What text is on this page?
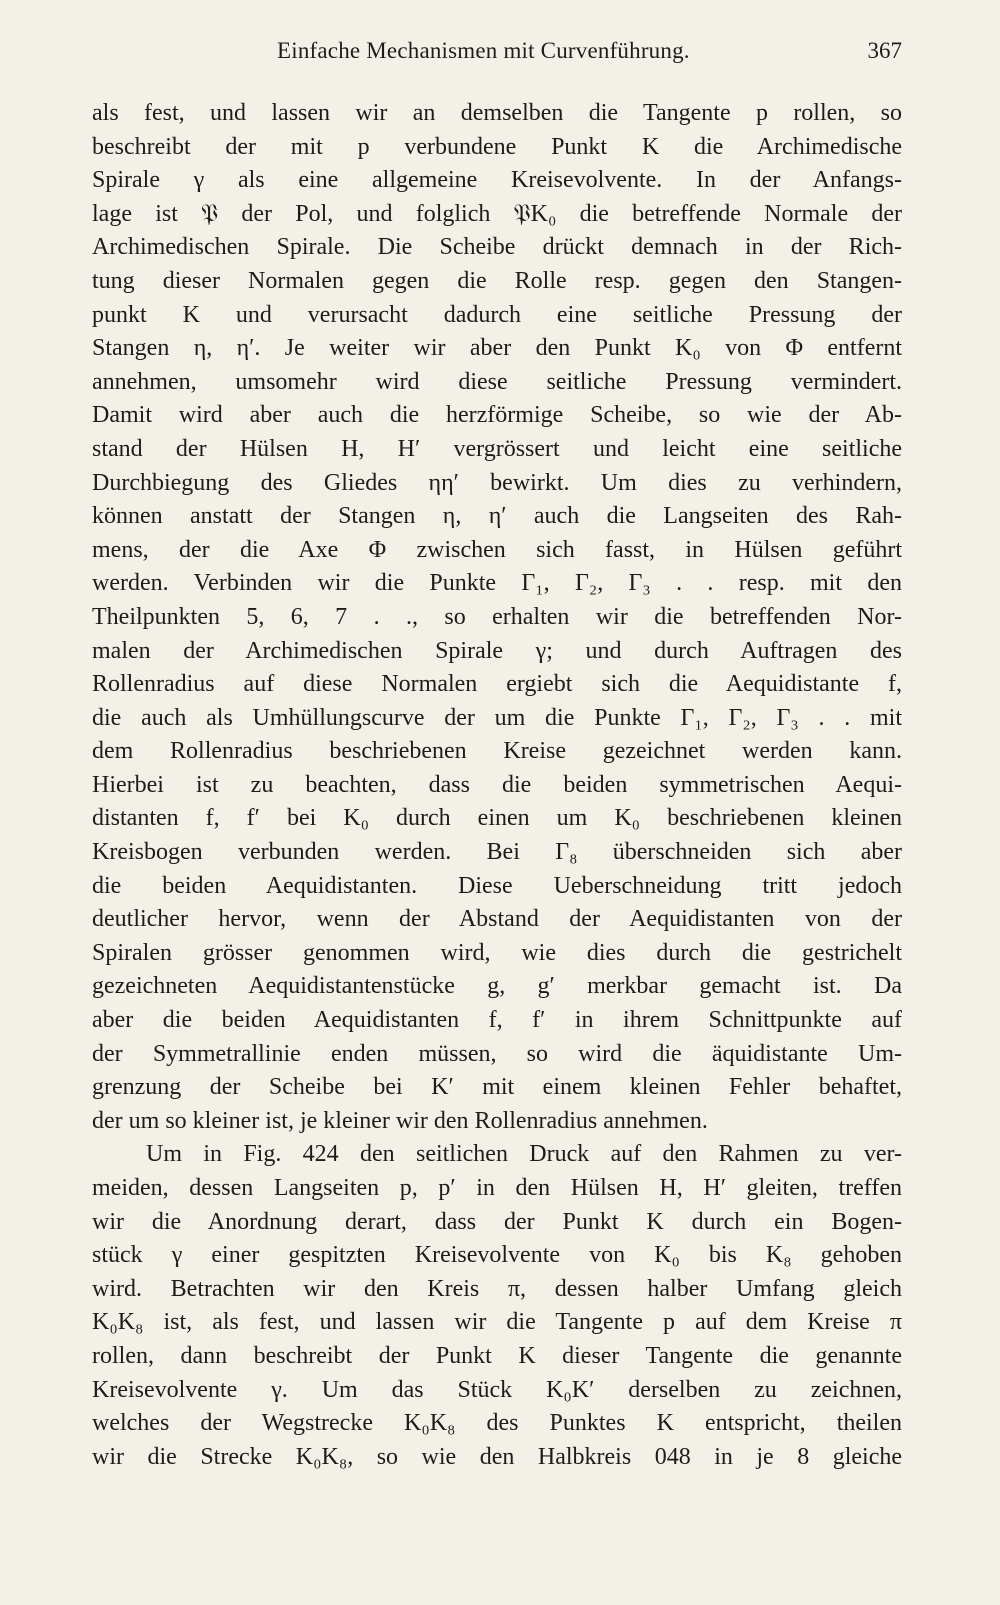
Einfache Mechanismen mit Curvenführung.	367
als fest, und lassen wir an demselben die Tangente p rollen, so
beschreibt der mit p verbundene Punkt K die Archimedische
Spirale γ als eine allgemeine Kreisevolvente. In der Anfangs-
lage ist 𝔓 der Pol, und folglich 𝔓K₀ die betreffende Normale der
Archimedischen Spirale. Die Scheibe drückt demnach in der Rich-
tung dieser Normalen gegen die Rolle resp. gegen den Stangen-
punkt K und verursacht dadurch eine seitliche Pressung der
Stangen η, η′. Je weiter wir aber den Punkt K₀ von Φ entfernt
annehmen, umsomehr wird diese seitliche Pressung vermindert.
Damit wird aber auch die herzförmige Scheibe, so wie der Ab-
stand der Hülsen H, H′ vergrössert und leicht eine seitliche
Durchbiegung des Gliedes ηη′ bewirkt. Um dies zu verhindern,
können anstatt der Stangen η, η′ auch die Langseiten des Rah-
mens, der die Axe Φ zwischen sich fasst, in Hülsen geführt
werden. Verbinden wir die Punkte Γ₁, Γ₂, Γ₃ . . resp. mit den
Theilpunkten 5, 6, 7 . ., so erhalten wir die betreffenden Nor-
malen der Archimedischen Spirale γ; und durch Auftragen des
Rollenradius auf diese Normalen ergiebt sich die Aequidistante f,
die auch als Umhüllungscurve der um die Punkte Γ₁, Γ₂, Γ₃ . . mit
dem Rollenradius beschriebenen Kreise gezeichnet werden kann.
Hierbei ist zu beachten, dass die beiden symmetrischen Aequi-
distanten f, f′ bei K₀ durch einen um K₀ beschriebenen kleinen
Kreisbogen verbunden werden. Bei Γ₈ überschneiden sich aber
die beiden Aequidistanten. Diese Ueberschneidung tritt jedoch
deutlicher hervor, wenn der Abstand der Aequidistanten von der
Spiralen grösser genommen wird, wie dies durch die gestrichelt
gezeichneten Aequidistantenstücke g, g′ merkbar gemacht ist. Da
aber die beiden Aequidistanten f, f′ in ihrem Schnittpunkte auf
der Symmetrallinie enden müssen, so wird die äquidistante Um-
grenzung der Scheibe bei K′ mit einem kleinen Fehler behaftet,
der um so kleiner ist, je kleiner wir den Rollenradius annehmen.
Um in Fig. 424 den seitlichen Druck auf den Rahmen zu ver-
meiden, dessen Langseiten p, p′ in den Hülsen H, H′ gleiten, treffen
wir die Anordnung derart, dass der Punkt K durch ein Bogen-
stück γ einer gespitzten Kreisevolvente von K₀ bis K₈ gehoben
wird. Betrachten wir den Kreis π, dessen halber Umfang gleich
K₀K₈ ist, als fest, und lassen wir die Tangente p auf dem Kreise π
rollen, dann beschreibt der Punkt K dieser Tangente die genannte
Kreisevolvente γ. Um das Stück K₀K′ derselben zu zeichnen,
welches der Wegstrecke K₀K₈ des Punktes K entspricht, theilen
wir die Strecke K₀K₈, so wie den Halbkreis 048 in je 8 gleiche
